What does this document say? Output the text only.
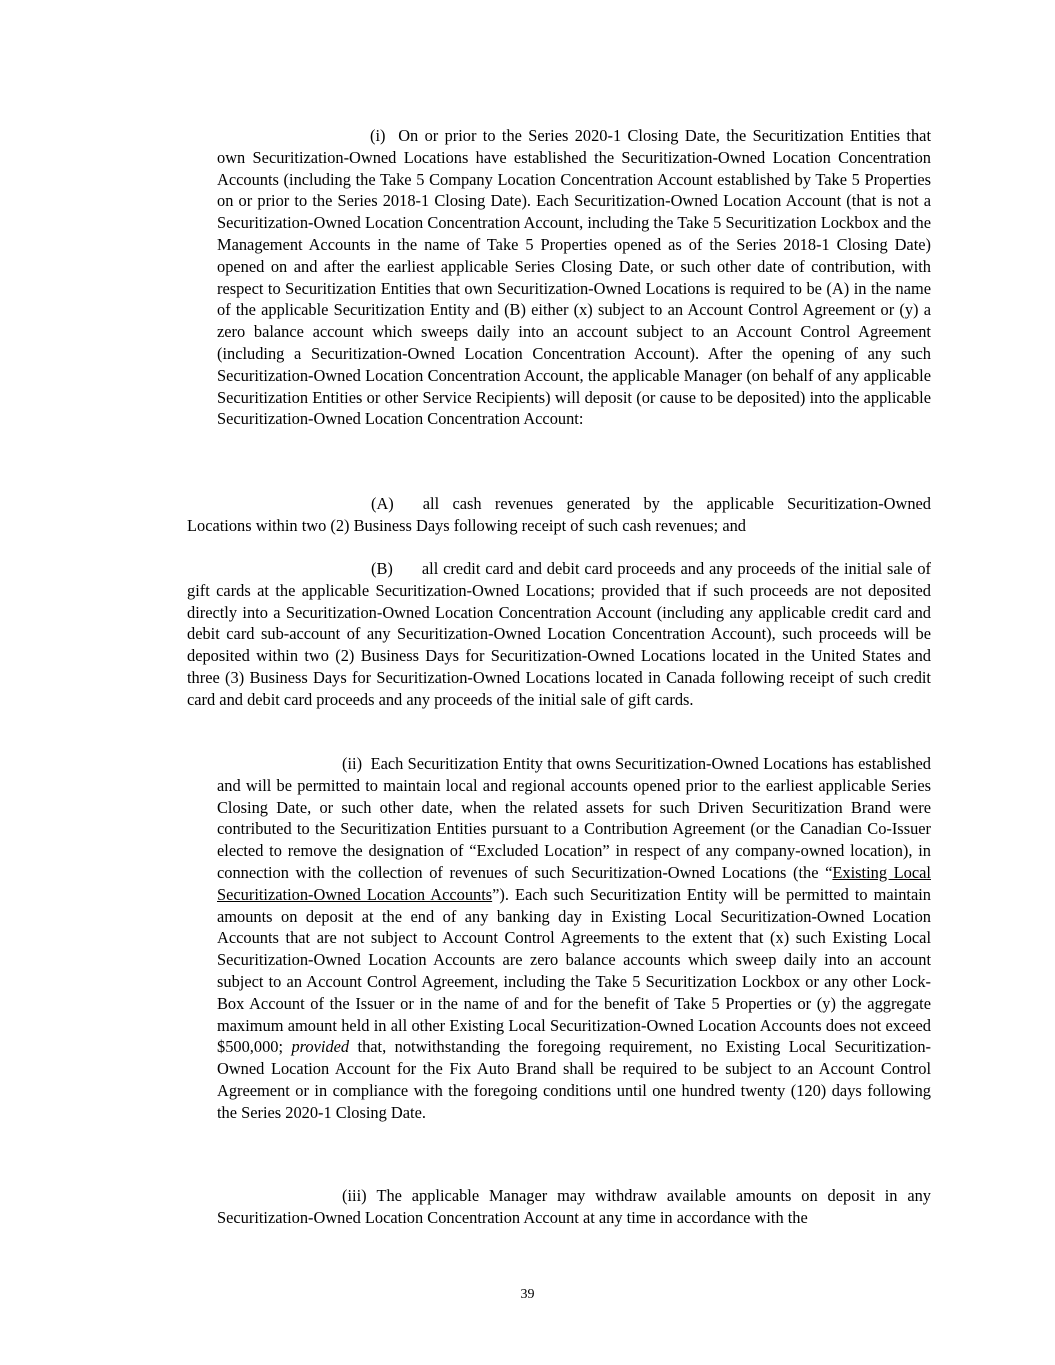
(i) On or prior to the Series 2020-1 Closing Date, the Securitization Entities that own Securitization-Owned Locations have established the Securitization-Owned Location Concentration Accounts (including the Take 5 Company Location Concentration Account established by Take 5 Properties on or prior to the Series 2018-1 Closing Date). Each Securitization-Owned Location Account (that is not a Securitization-Owned Location Concentration Account, including the Take 5 Securitization Lockbox and the Management Accounts in the name of Take 5 Properties opened as of the Series 2018-1 Closing Date) opened on and after the earliest applicable Series Closing Date, or such other date of contribution, with respect to Securitization Entities that own Securitization-Owned Locations is required to be (A) in the name of the applicable Securitization Entity and (B) either (x) subject to an Account Control Agreement or (y) a zero balance account which sweeps daily into an account subject to an Account Control Agreement (including a Securitization-Owned Location Concentration Account). After the opening of any such Securitization-Owned Location Concentration Account, the applicable Manager (on behalf of any applicable Securitization Entities or other Service Recipients) will deposit (or cause to be deposited) into the applicable Securitization-Owned Location Concentration Account:

(A) all cash revenues generated by the applicable Securitization-Owned Locations within two (2) Business Days following receipt of such cash revenues; and

(B) all credit card and debit card proceeds and any proceeds of the initial sale of gift cards at the applicable Securitization-Owned Locations; provided that if such proceeds are not deposited directly into a Securitization-Owned Location Concentration Account (including any applicable credit card and debit card sub-account of any Securitization-Owned Location Concentration Account), such proceeds will be deposited within two (2) Business Days for Securitization-Owned Locations located in the United States and three (3) Business Days for Securitization-Owned Locations located in Canada following receipt of such credit card and debit card proceeds and any proceeds of the initial sale of gift cards.

(ii) Each Securitization Entity that owns Securitization-Owned Locations has established and will be permitted to maintain local and regional accounts opened prior to the earliest applicable Series Closing Date, or such other date, when the related assets for such Driven Securitization Brand were contributed to the Securitization Entities pursuant to a Contribution Agreement (or the Canadian Co-Issuer elected to remove the designation of “Excluded Location” in respect of any company-owned location), in connection with the collection of revenues of such Securitization-Owned Locations (the “Existing Local Securitization-Owned Location Accounts”). Each such Securitization Entity will be permitted to maintain amounts on deposit at the end of any banking day in Existing Local Securitization-Owned Location Accounts that are not subject to Account Control Agreements to the extent that (x) such Existing Local Securitization-Owned Location Accounts are zero balance accounts which sweep daily into an account subject to an Account Control Agreement, including the Take 5 Securitization Lockbox or any other Lock-Box Account of the Issuer or in the name of and for the benefit of Take 5 Properties or (y) the aggregate maximum amount held in all other Existing Local Securitization-Owned Location Accounts does not exceed $500,000; provided that, notwithstanding the foregoing requirement, no Existing Local Securitization-Owned Location Account for the Fix Auto Brand shall be required to be subject to an Account Control Agreement or in compliance with the foregoing conditions until one hundred twenty (120) days following the Series 2020-1 Closing Date.

(iii) The applicable Manager may withdraw available amounts on deposit in any Securitization-Owned Location Concentration Account at any time in accordance with the

39
